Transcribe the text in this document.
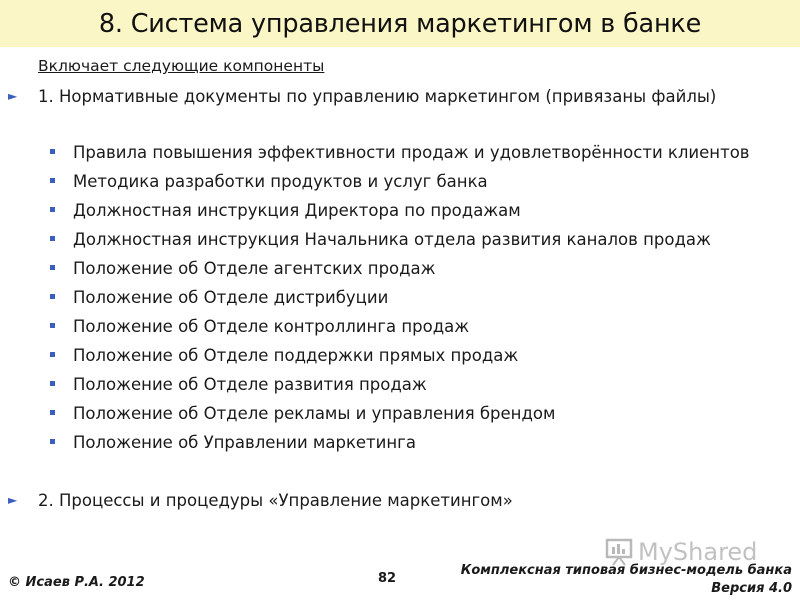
8. Система управления маркетингом в банке
Включает следующие компоненты
► 1. Нормативные документы по управлению маркетингом (привязаны файлы)
Правила повышения эффективности продаж и удовлетворённости клиентов
Методика разработки продуктов и услуг банка
Должностная инструкция Директора по продажам
Должностная инструкция Начальника отдела развития каналов продаж
Положение об Отделе агентских продаж
Положение об Отделе дистрибуции
Положение об Отделе контроллинга продаж
Положение об Отделе поддержки прямых продаж
Положение об Отделе развития продаж
Положение об Отделе рекламы и управления брендом
Положение об Управлении маркетинга
► 2. Процессы и процедуры «Управление маркетингом»
MyShared
© Исаев Р.А. 2012	82
Комплексная типовая бизнес-модель банка
Версия 4.0
